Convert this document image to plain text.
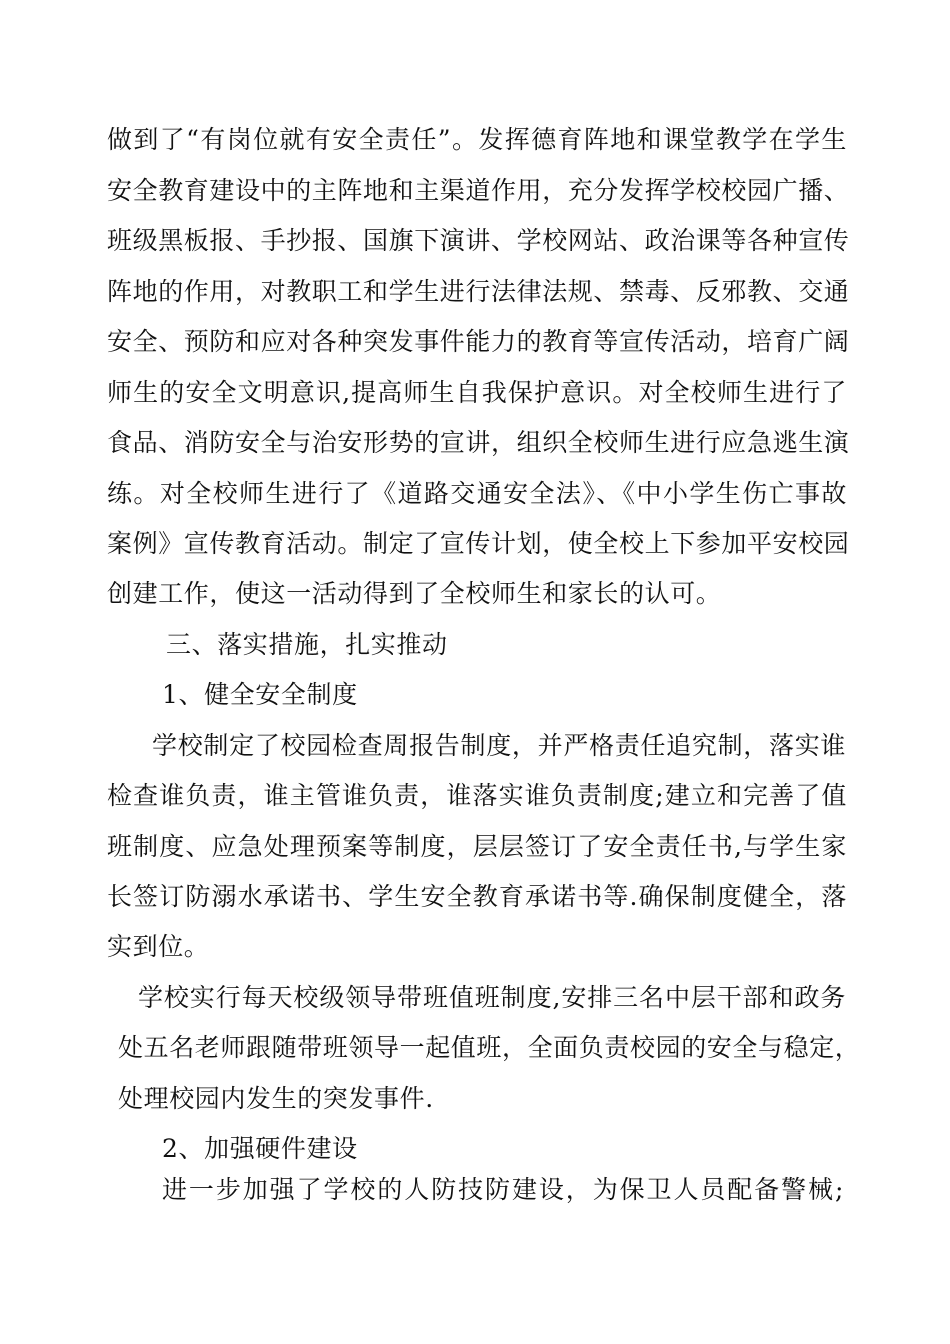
做到了“有岗位就有安全责任”。发挥德育阵地和课堂教学在学生
安全教育建设中的主阵地和主渠道作用，充分发挥学校校园广播、
班级黑板报、手抄报、国旗下演讲、学校网站、政治课等各种宣传
阵地的作用，对教职工和学生进行法律法规、禁毒、反邪教、交通
安全、预防和应对各种突发事件能力的教育等宣传活动，培育广阔
师生的安全文明意识,提高师生自我保护意识。对全校师生进行了
食品、消防安全与治安形势的宣讲，组织全校师生进行应急逃生演
练。对全校师生进行了《道路交通安全法》、《中小学生伤亡事故
案例》宣传教育活动。制定了宣传计划，使全校上下参加平安校园
创建工作，使这一活动得到了全校师生和家长的认可。
三、落实措施，扎实推动
1、健全安全制度
学校制定了校园检查周报告制度，并严格责任追究制，落实谁
检查谁负责，谁主管谁负责，谁落实谁负责制度;建立和完善了值
班制度、应急处理预案等制度，层层签订了安全责任书,与学生家
长签订防溺水承诺书、学生安全教育承诺书等.确保制度健全，落
实到位。
学校实行每天校级领导带班值班制度,安排三名中层干部和政务
处五名老师跟随带班领导一起值班，全面负责校园的安全与稳定，
处理校园内发生的突发事件.
2、加强硬件建设
进一步加强了学校的人防技防建设，为保卫人员配备警械;
